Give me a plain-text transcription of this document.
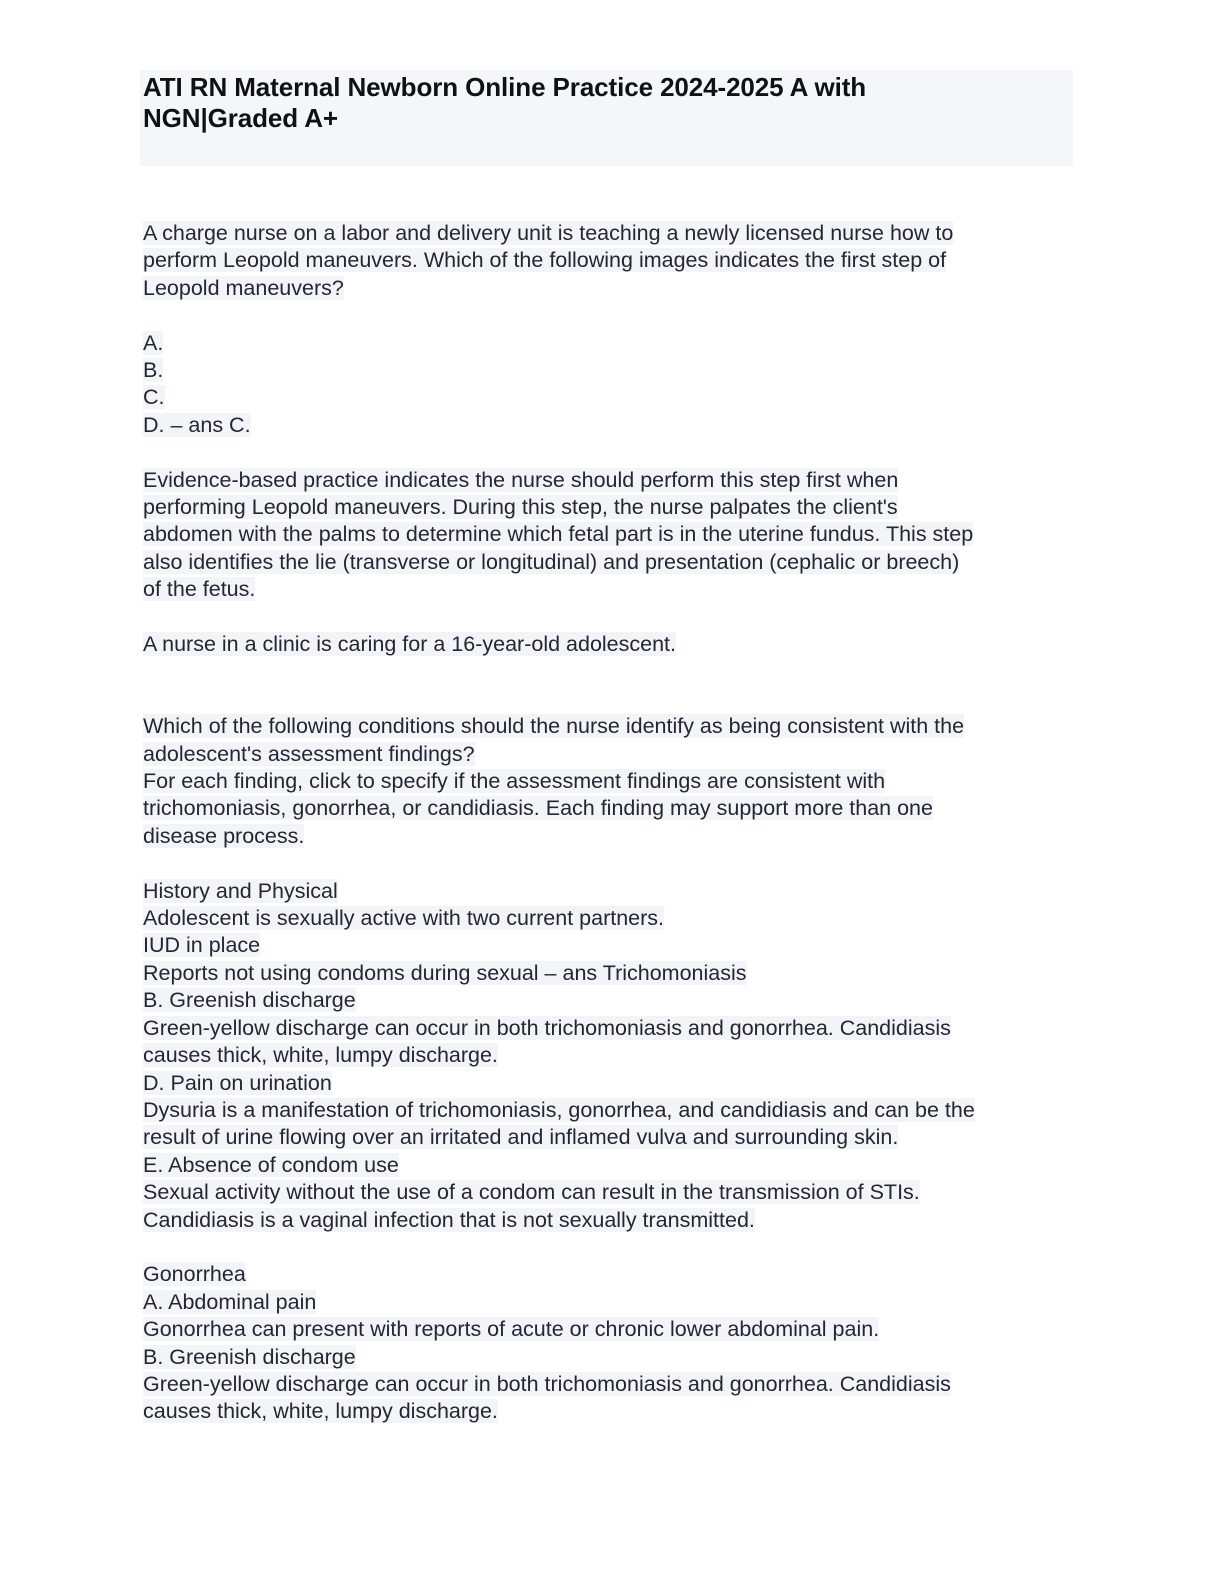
ATI RN Maternal Newborn Online Practice 2024-2025 A with
NGN|Graded A+
A charge nurse on a labor and delivery unit is teaching a newly licensed nurse how to
perform Leopold maneuvers. Which of the following images indicates the first step of
Leopold maneuvers?
A.
B.
C.
D. – ans C.
Evidence-based practice indicates the nurse should perform this step first when
performing Leopold maneuvers. During this step, the nurse palpates the client's
abdomen with the palms to determine which fetal part is in the uterine fundus. This step
also identifies the lie (transverse or longitudinal) and presentation (cephalic or breech)
of the fetus.
A nurse in a clinic is caring for a 16-year-old adolescent.
Which of the following conditions should the nurse identify as being consistent with the
adolescent's assessment findings?
For each finding, click to specify if the assessment findings are consistent with
trichomoniasis, gonorrhea, or candidiasis. Each finding may support more than one
disease process.
History and Physical
Adolescent is sexually active with two current partners.
IUD in place
Reports not using condoms during sexual – ans Trichomoniasis
B. Greenish discharge
Green-yellow discharge can occur in both trichomoniasis and gonorrhea. Candidiasis
causes thick, white, lumpy discharge.
D. Pain on urination
Dysuria is a manifestation of trichomoniasis, gonorrhea, and candidiasis and can be the
result of urine flowing over an irritated and inflamed vulva and surrounding skin.
E. Absence of condom use
Sexual activity without the use of a condom can result in the transmission of STIs.
Candidiasis is a vaginal infection that is not sexually transmitted.
Gonorrhea
A. Abdominal pain
Gonorrhea can present with reports of acute or chronic lower abdominal pain.
B. Greenish discharge
Green-yellow discharge can occur in both trichomoniasis and gonorrhea. Candidiasis
causes thick, white, lumpy discharge.
